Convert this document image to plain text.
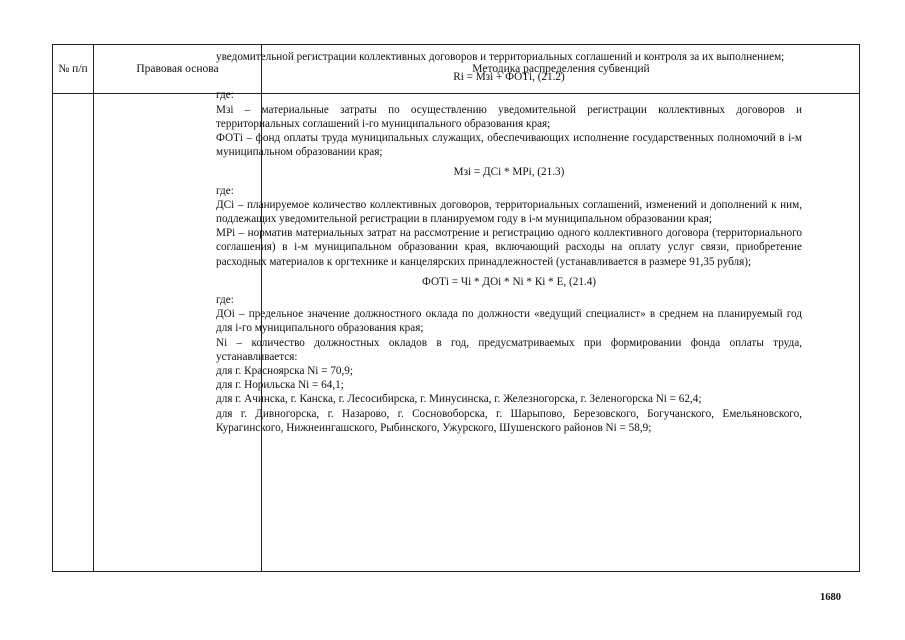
№ п/п	Правовая основа	Методика распределения субвенций

уведомительной регистрации коллективных договоров и территориальных соглашений и контроля за их выполнением;

Ri = Мзi + ФОТi, (21.2)

где:

Мзi – материальные затраты по осуществлению уведомительной регистрации коллективных договоров и территориальных соглашений i-го муниципального образования края;

ФОТi – фонд оплаты труда муниципальных служащих, обеспечивающих исполнение государственных полномочий в i-м муниципальном образовании края;

Мзi = ДСi * МРi, (21.3)

где:

ДСi – планируемое количество коллективных договоров, территориальных соглашений, изменений и дополнений к ним, подлежащих уведомительной регистрации в планируемом году в i-м муниципальном образовании края;

МРi – норматив материальных затрат на рассмотрение и регистрацию одного коллективного договора (территориального соглашения) в i-м муниципальном образовании края, включающий расходы на оплату услуг связи, приобретение расходных материалов к оргтехнике и канцелярских принадлежностей (устанавливается в размере 91,35 рубля);

ФОТi = Чi * ДОi * Ni * Кi * Е, (21.4)

где:

ДОi – предельное значение должностного оклада по должности «ведущий специалист» в среднем на планируемый год для i-го муниципального образования края;

Ni – количество должностных окладов в год, предусматриваемых при формировании фонда оплаты труда, устанавливается:

для г. Красноярска Ni = 70,9;

для г. Норильска Ni = 64,1;

для г. Ачинска, г. Канска, г. Лесосибирска, г. Минусинска, г. Железногорска, г. Зеленогорска Ni = 62,4;

для г. Дивногорска, г. Назарово, г. Сосновоборска, г. Шарыпово, Березовского, Богучанского, Емельяновского, Курагинского, Нижнеингашского, Рыбинского, Ужурского, Шушенского районов Ni = 58,9;

1680
